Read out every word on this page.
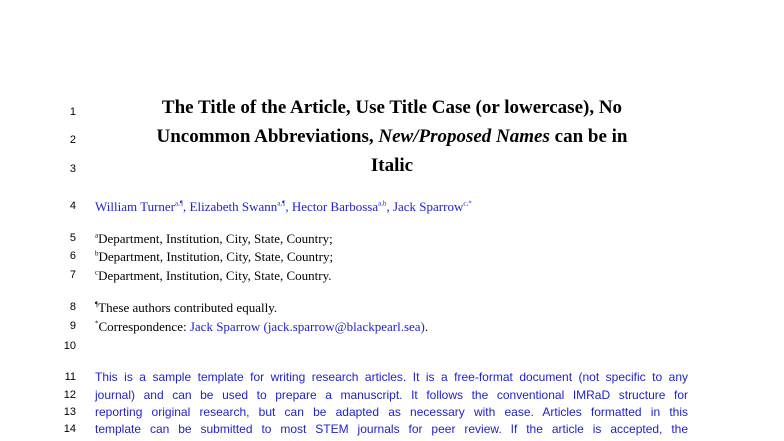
1
2
3
4
5
6
7
8
9
10
11
12
13
14
The Title of the Article, Use Title Case (or lowercase), No
Uncommon Abbreviations, New/Proposed Names can be in
Italic
William Turner$^{a,\P}$, Elizabeth Swann$^{a,\P}$, Hector Barbossa$^{a,b}$, Jack Sparrow$^{c,*}$
$^a$Department, Institution, City, State, Country;
$^b$Department, Institution, City, State, Country;
$^c$Department, Institution, City, State, Country.
¶These authors contributed equally.
*Correspondence: Jack Sparrow (jack.sparrow@blackpearl.sea).
This is a sample template for writing research articles. It is a free-format document (not specific to any
journal) and can be used to prepare a manuscript. It follows the conventional IMRaD structure for
reporting original research, but can be adapted as necessary with ease. Articles formatted in this
template can be submitted to most STEM journals for peer review. If the article is accepted, the
